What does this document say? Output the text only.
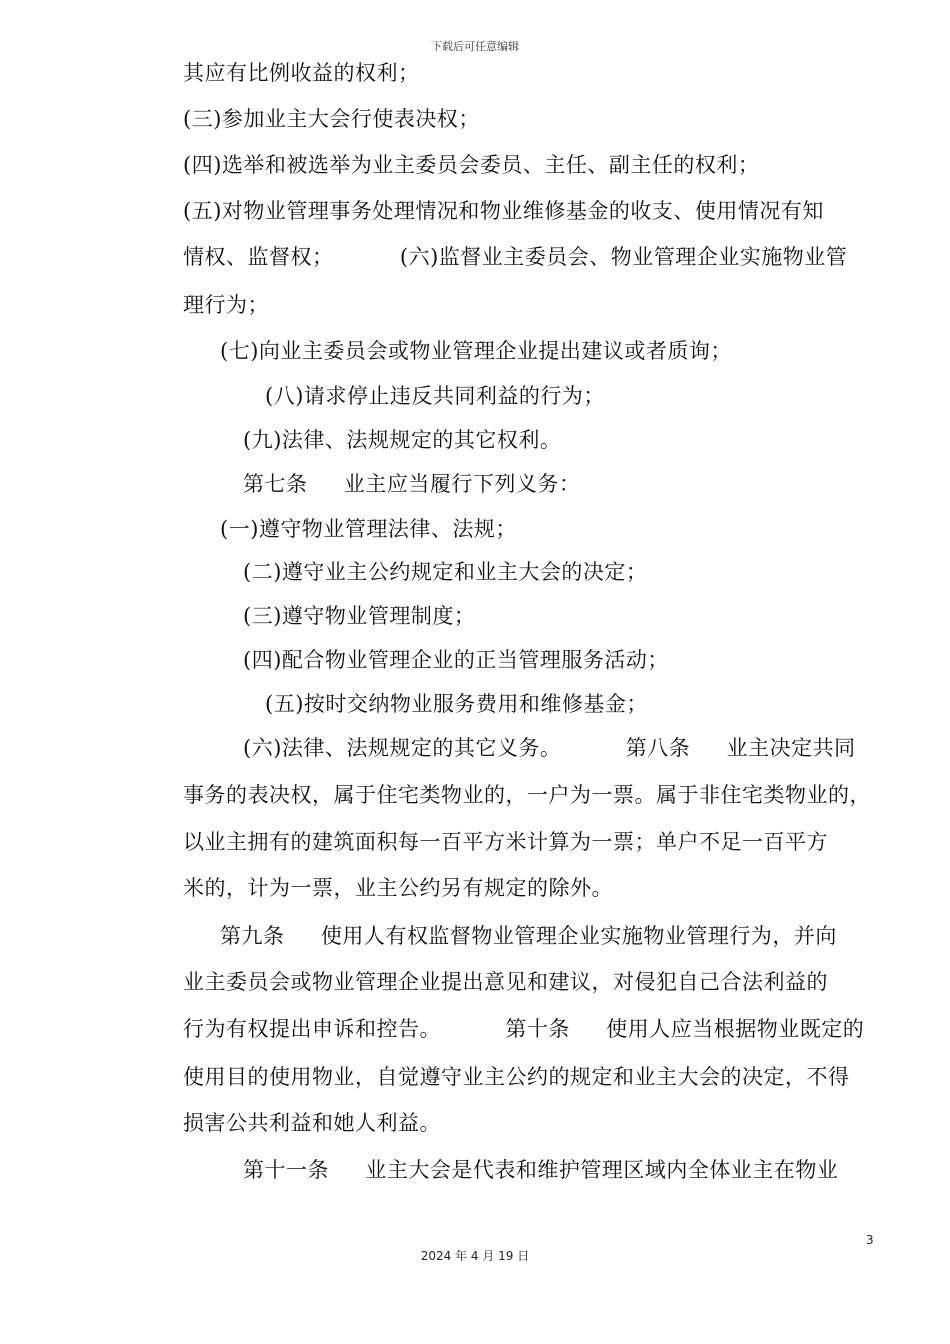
下载后可任意编辑
其应有比例收益的权利；
(三)参加业主大会行使表决权；
(四)选举和被选举为业主委员会委员、主任、副主任的权利；
(五)对物业管理事务处理情况和物业维修基金的收支、使用情况有知
情权、监督权；	(六)监督业主委员会、物业管理企业实施物业管
理行为；
(七)向业主委员会或物业管理企业提出建议或者质询；
(八)请求停止违反共同利益的行为；
(九)法律、法规规定的其它权利。
第七条 业主应当履行下列义务：
(一)遵守物业管理法律、法规；
(二)遵守业主公约规定和业主大会的决定；
(三)遵守物业管理制度；
(四)配合物业管理企业的正当管理服务活动；
(五)按时交纳物业服务费用和维修基金；
(六)法律、法规规定的其它义务。	第八条 业主决定共同
事务的表决权，属于住宅类物业的，一户为一票。属于非住宅类物业的，
以业主拥有的建筑面积每一百平方米计算为一票；单户不足一百平方
米的，计为一票，业主公约另有规定的除外。
第九条 使用人有权监督物业管理企业实施物业管理行为，并向
业主委员会或物业管理企业提出意见和建议，对侵犯自己合法利益的
行为有权提出申诉和控告。	第十条 使用人应当根据物业既定的
使用目的使用物业，自觉遵守业主公约的规定和业主大会的决定，不得
损害公共利益和她人利益。
第十一条 业主大会是代表和维护管理区域内全体业主在物业
3
2024 年 4 月 19 日
